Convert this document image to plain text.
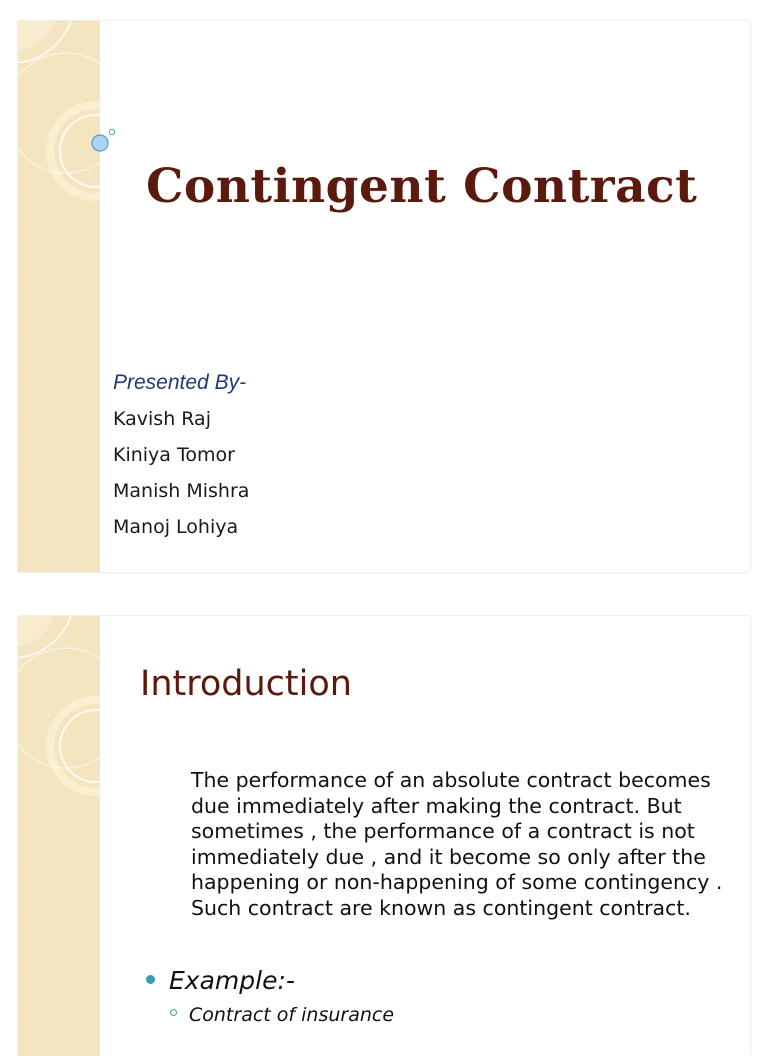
Contingent Contract
Presented By-
Kavish Raj
Kiniya Tomor
Manish Mishra
Manoj Lohiya
Introduction

The performance of an absolute contract becomes due immediately after making the contract. But sometimes , the performance of a contract is not immediately due , and it become so only after the happening or non-happening of some contingency . Such contract are known as contingent contract.

Example:-
Contract of insurance
